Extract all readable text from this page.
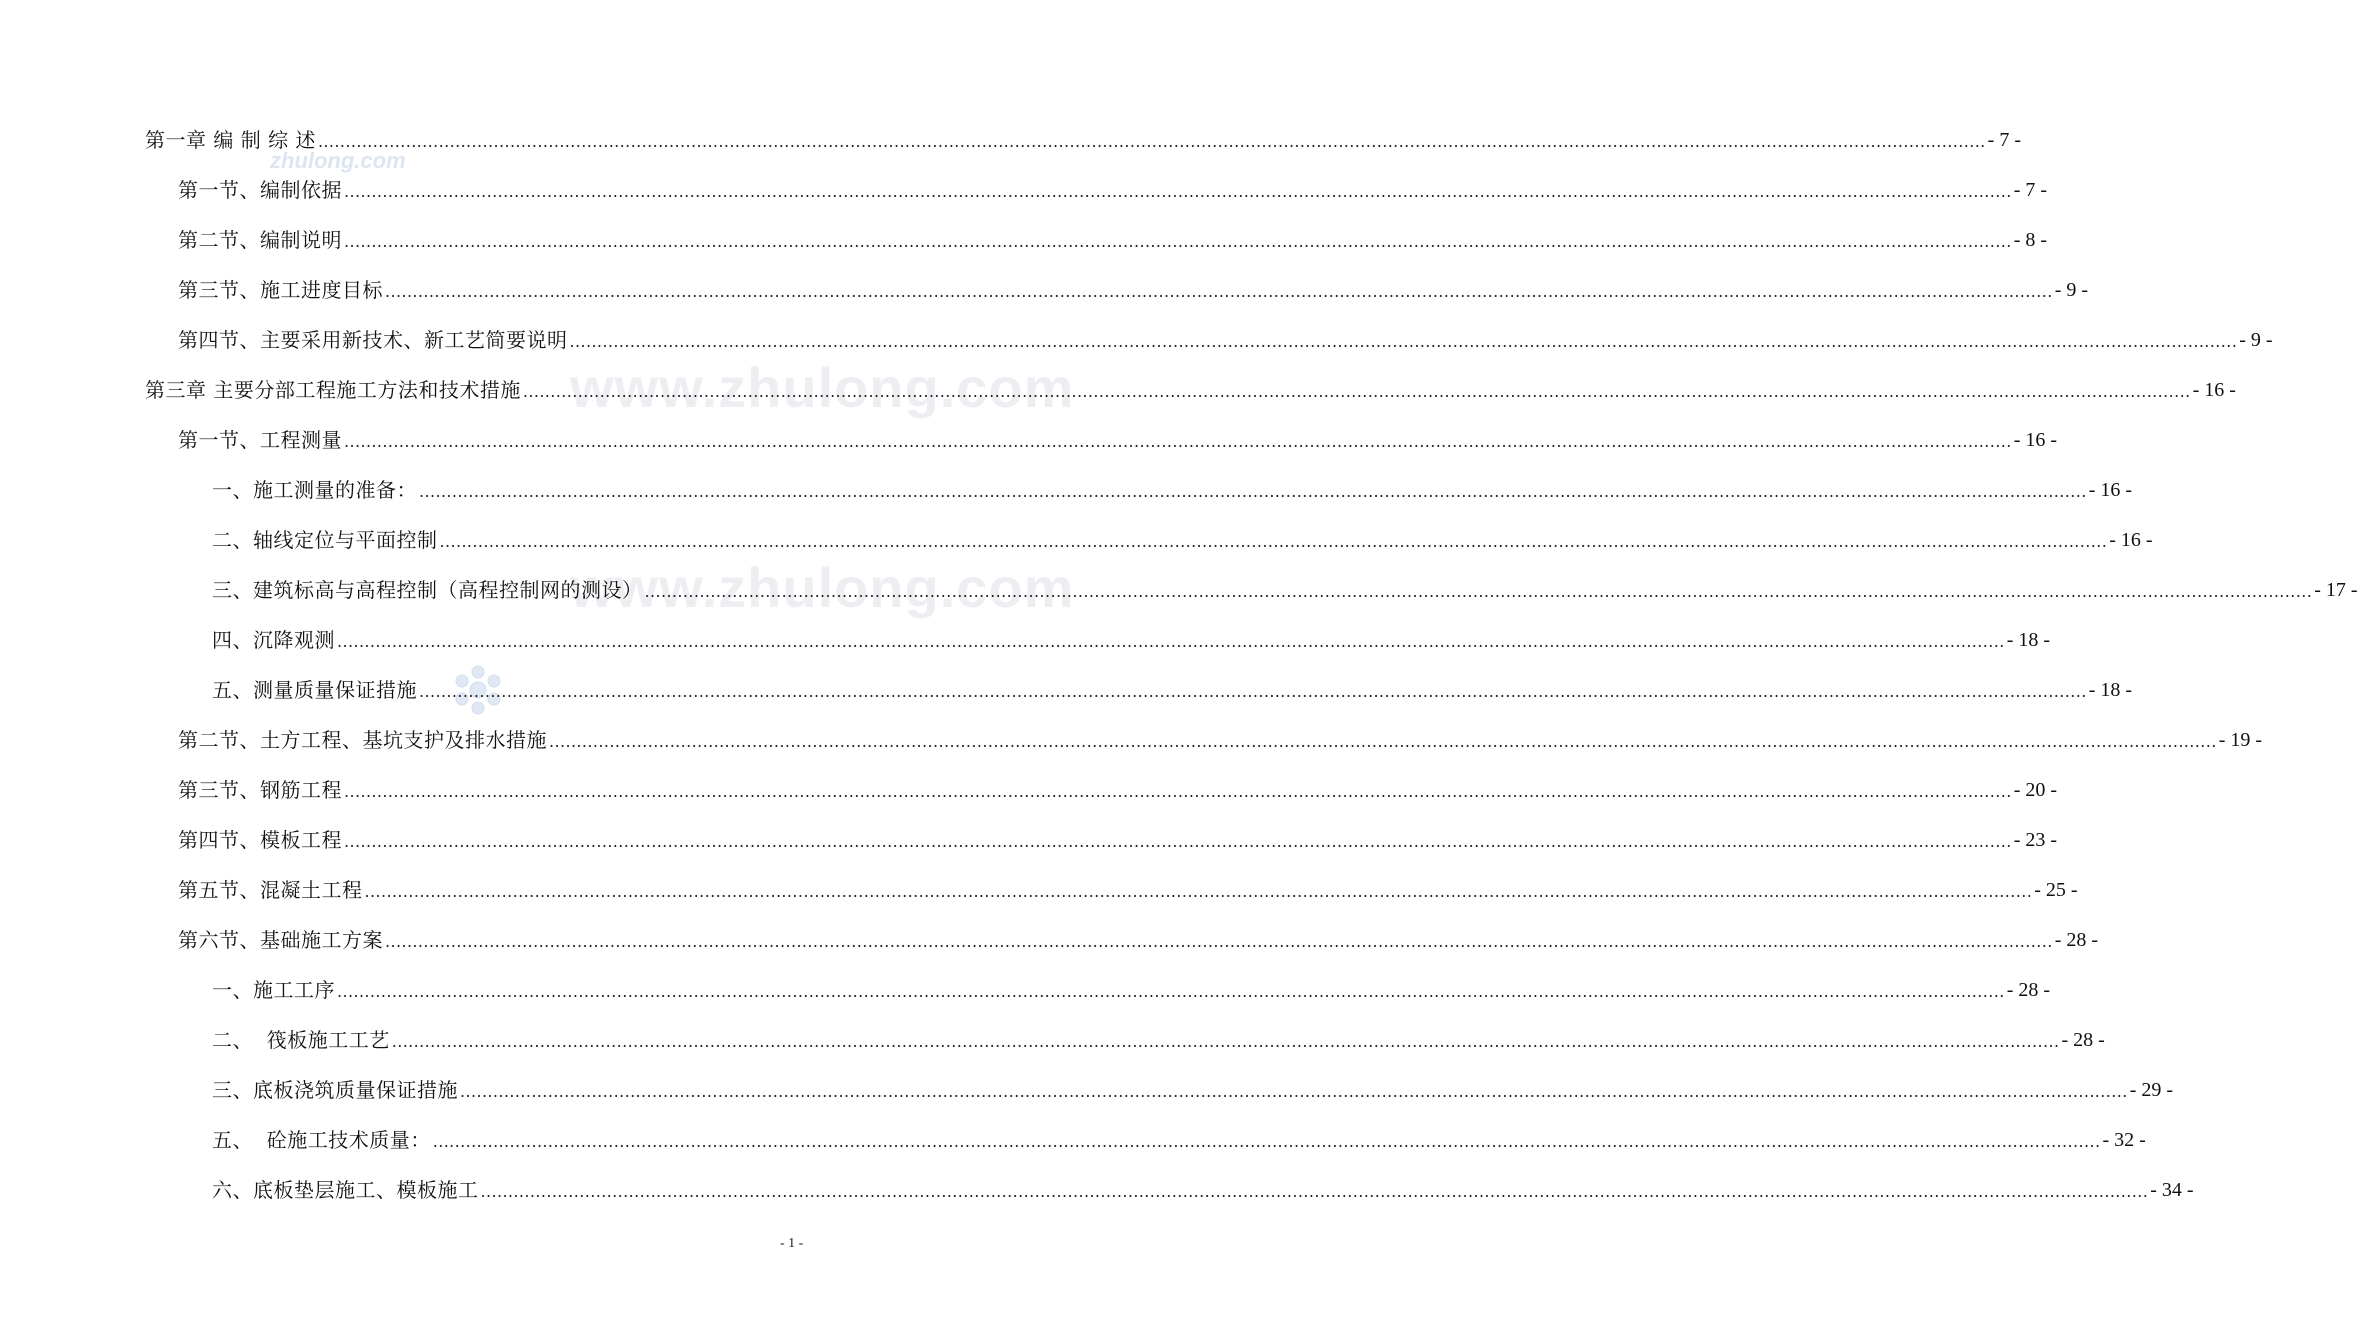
zhulong.com
www.zhulong.com
www.zhulong.com
第一章 编 制 综 述 .....	- 7 -
第一节、编制依据 .....	- 7 -
第二节、编制说明 .....	- 8 -
第三节、施工进度目标 .....	- 9 -
第四节、主要采用新技术、新工艺简要说明 .....	- 9 -
第三章 主要分部工程施工方法和技术措施 .....	- 16 -
第一节、工程测量 .....	- 16 -
一、施工测量的准备： .....	- 16 -
二、轴线定位与平面控制 .....	- 16 -
三、建筑标高与高程控制（高程控制网的测设） .....	- 17 -
四、沉降观测 .....	- 18 -
五、测量质量保证措施 .....	- 18 -
第二节、土方工程、基坑支护及排水措施 .....	- 19 -
第三节、钢筋工程 .....	- 20 -
第四节、模板工程 .....	- 23 -
第五节、混凝土工程 .....	- 25 -
第六节、基础施工方案 .....	- 28 -
一、施工工序 .....	- 28 -
二、  筏板施工工艺 .....	- 28 -
三、底板浇筑质量保证措施 .....	- 29 -
五、  砼施工技术质量： .....	- 32 -
六、底板垫层施工、模板施工 .....	- 34 -
- 1 -
